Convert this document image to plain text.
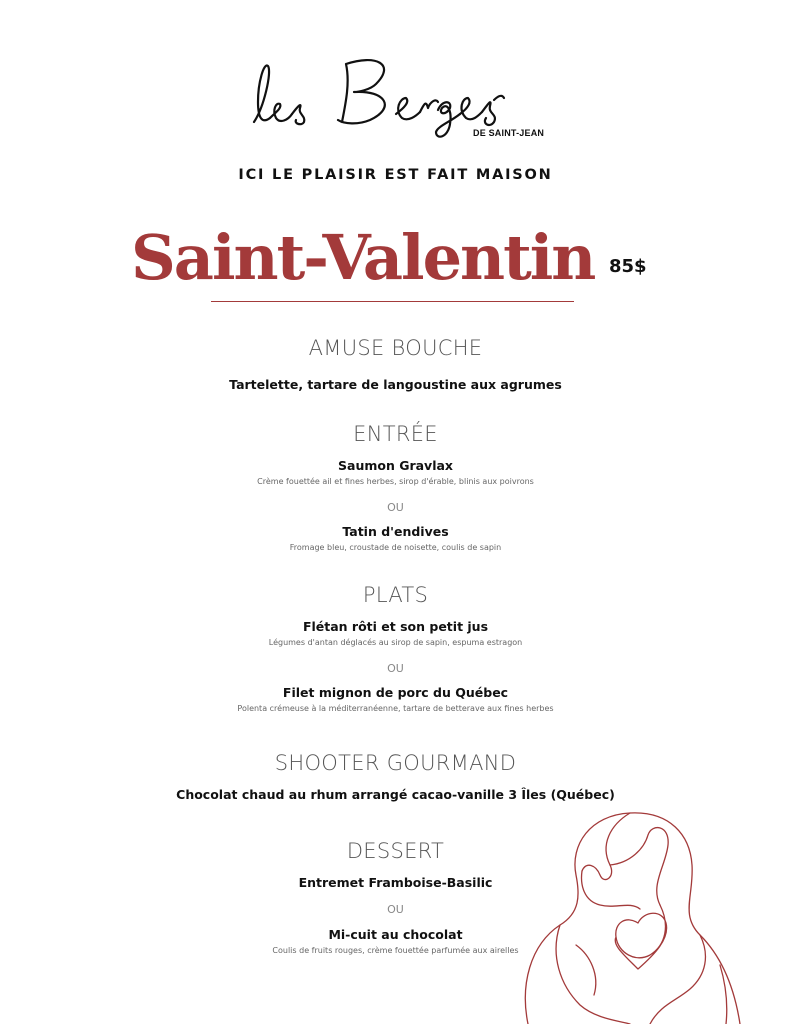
DE SAINT-JEAN
ICI LE PLAISIR EST FAIT MAISON
Saint-Valentin 85$
AMUSE BOUCHE
Tartelette, tartare de langoustine aux agrumes
ENTRÉE
Saumon Gravlax
Crème fouettée ail et fines herbes, sirop d'érable, blinis aux poivrons
OU
Tatin d'endives
Fromage bleu, croustade de noisette, coulis de sapin
PLATS
Flétan rôti et son petit jus
Légumes d'antan déglacés au sirop de sapin, espuma estragon
OU
Filet mignon de porc du Québec
Polenta crémeuse à la méditerranéenne, tartare de betterave aux fines herbes
SHOOTER GOURMAND
Chocolat chaud au rhum arrangé cacao-vanille 3 Îles (Québec)
DESSERT
Entremet Framboise-Basilic
OU
Mi-cuit au chocolat
Coulis de fruits rouges, crème fouettée parfumée aux airelles
